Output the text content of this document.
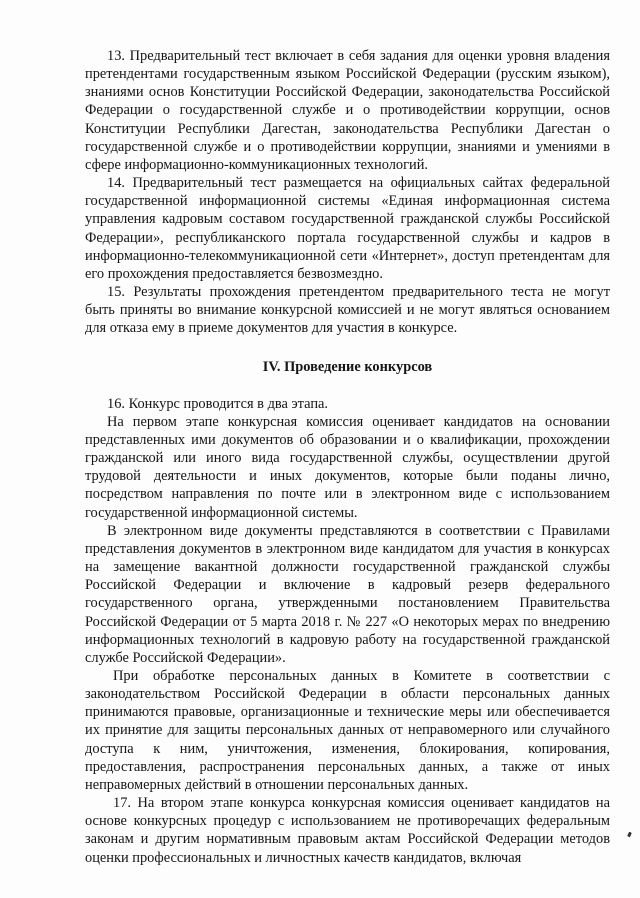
13. Предварительный тест включает в себя задания для оценки уровня владения претендентами государственным языком Российской Федерации (русским языком), знаниями основ Конституции Российской Федерации, законодательства Российской Федерации о государственной службе и о противодействии коррупции, основ Конституции Республики Дагестан, законодательства Республики Дагестан о государственной службе и о противодействии коррупции, знаниями и умениями в сфере информационно-коммуникационных технологий.

14. Предварительный тест размещается на официальных сайтах федеральной государственной информационной системы «Единая информационная система управления кадровым составом государственной гражданской службы Российской Федерации», республиканского портала государственной службы и кадров в информационно-телекоммуникационной сети «Интернет», доступ претендентам для его прохождения предоставляется безвозмездно.

15. Результаты прохождения претендентом предварительного теста не могут быть приняты во внимание конкурсной комиссией и не могут являться основанием для отказа ему в приеме документов для участия в конкурсе.

IV. Проведение конкурсов

16. Конкурс проводится в два этапа.

На первом этапе конкурсная комиссия оценивает кандидатов на основании представленных ими документов об образовании и о квалификации, прохождении гражданской или иного вида государственной службы, осуществлении другой трудовой деятельности и иных документов, которые были поданы лично, посредством направления по почте или в электронном виде с использованием государственной информационной системы.

В электронном виде документы представляются в соответствии с Правилами представления документов в электронном виде кандидатом для участия в конкурсах на замещение вакантной должности государственной гражданской службы Российской Федерации и включение в кадровый резерв федерального государственного органа, утвержденными постановлением Правительства Российской Федерации от 5 марта 2018 г. № 227 «О некоторых мерах по внедрению информационных технологий в кадровую работу на государственной гражданской службе Российской Федерации».

При обработке персональных данных в Комитете в соответствии с законодательством Российской Федерации в области персональных данных принимаются правовые, организационные и технические меры или обеспечивается их принятие для защиты персональных данных от неправомерного или случайного доступа к ним, уничтожения, изменения, блокирования, копирования, предоставления, распространения персональных данных, а также от иных неправомерных действий в отношении персональных данных.

17. На втором этапе конкурса конкурсная комиссия оценивает кандидатов на основе конкурсных процедур с использованием не противоречащих федеральным законам и другим нормативным правовым актам Российской Федерации методов оценки профессиональных и личностных качеств кандидатов, включая
